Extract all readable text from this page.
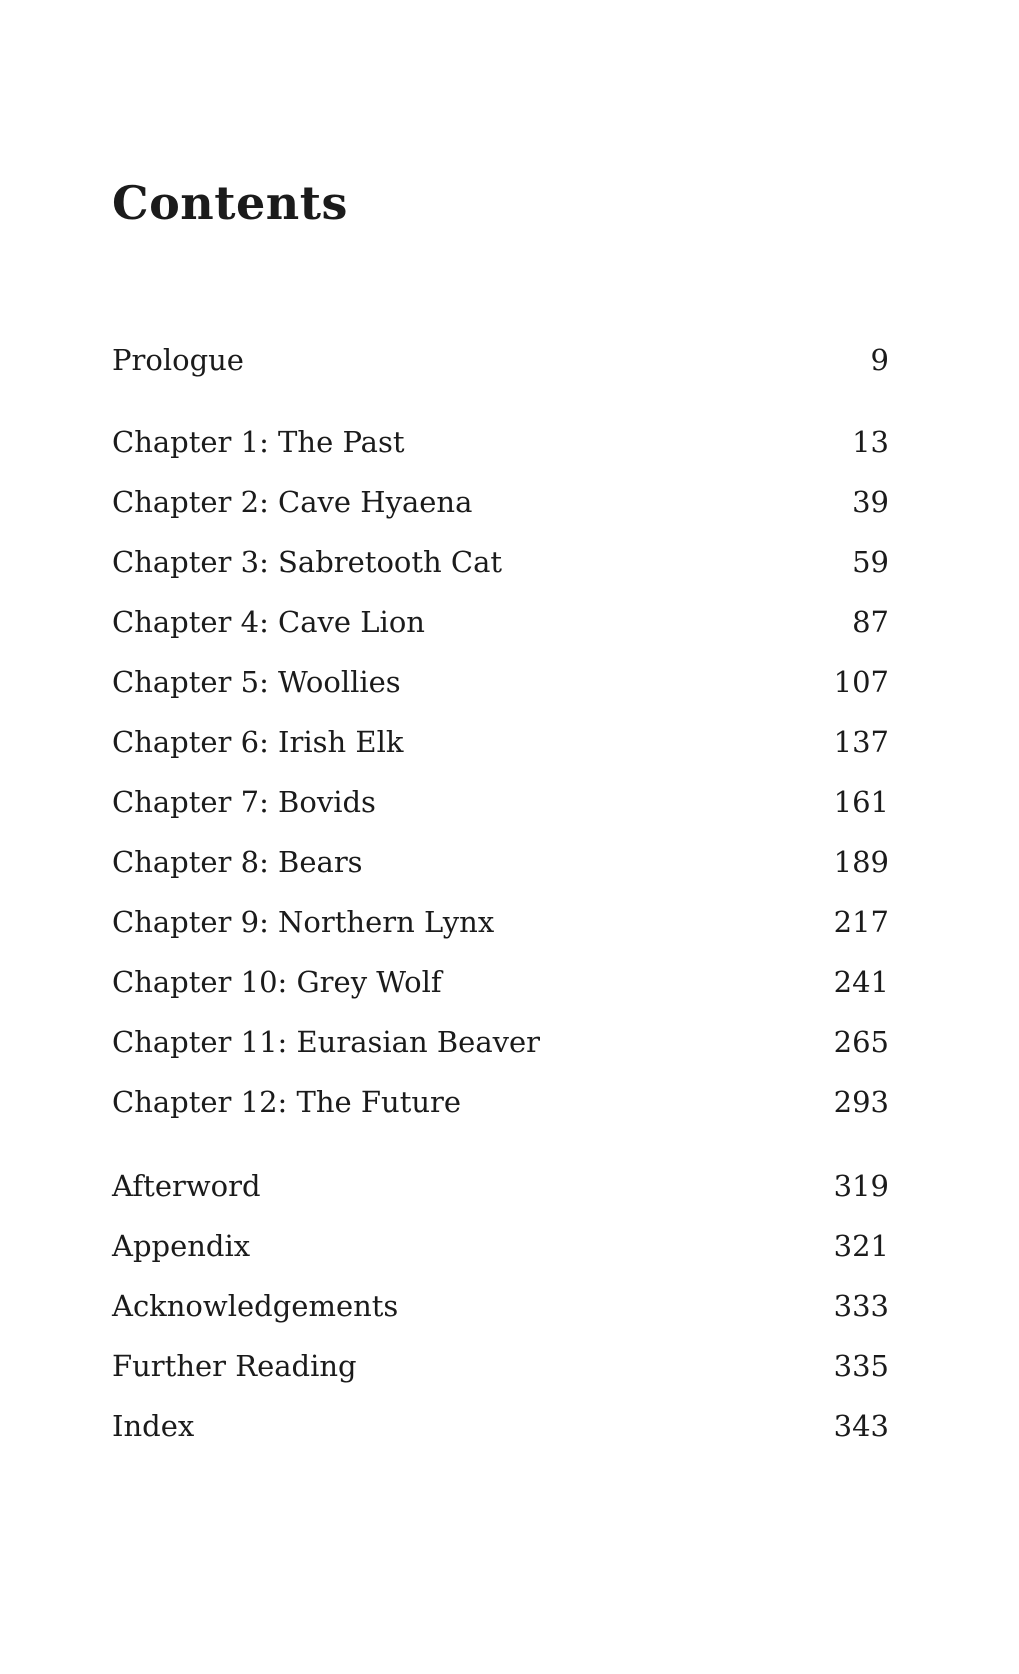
Contents
Prologue	9
Chapter 1: The Past	13
Chapter 2: Cave Hyaena	39
Chapter 3: Sabretooth Cat	59
Chapter 4: Cave Lion	87
Chapter 5: Woollies	107
Chapter 6: Irish Elk	137
Chapter 7: Bovids	161
Chapter 8: Bears	189
Chapter 9: Northern Lynx	217
Chapter 10: Grey Wolf	241
Chapter 11: Eurasian Beaver	265
Chapter 12: The Future	293
Afterword	319
Appendix	321
Acknowledgements	333
Further Reading	335
Index	343
